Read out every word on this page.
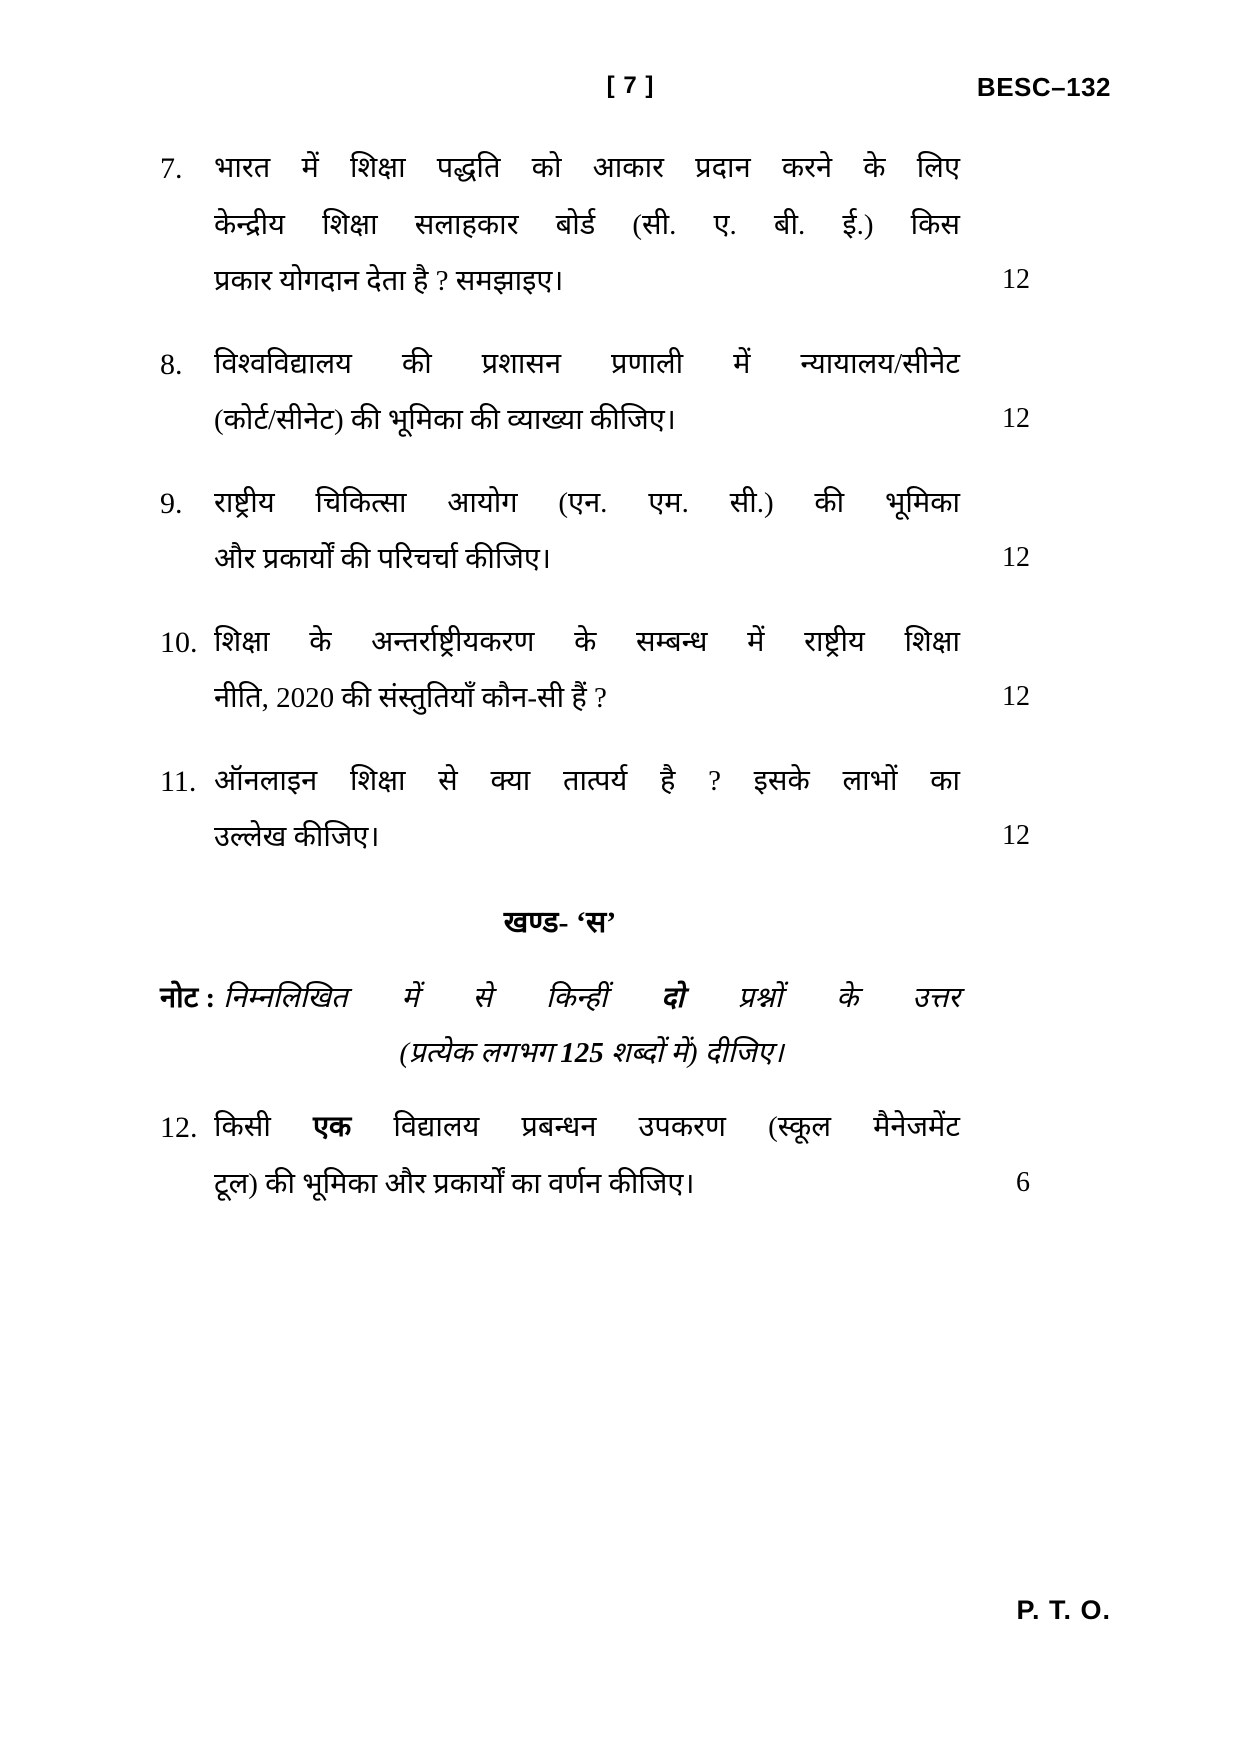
[ 7 ]	BESC–132
7.	भारत में शिक्षा पद्धति को आकार प्रदान करने के लिए
केन्द्रीय शिक्षा सलाहकार बोर्ड (सी. ए. बी. ई.) किस
प्रकार योगदान देता है ? समझाइए।	12
8.	विश्वविद्यालय की प्रशासन प्रणाली में न्यायालय/सीनेट
(कोर्ट/सीनेट) की भूमिका की व्याख्या कीजिए।	12
9.	राष्ट्रीय चिकित्सा आयोग (एन. एम. सी.) की भूमिका
और प्रकार्यों की परिचर्चा कीजिए।	12
10. शिक्षा के अन्तर्राष्ट्रीयकरण के सम्बन्ध में राष्ट्रीय शिक्षा
नीति, 2020 की संस्तुतियाँ कौन-सी हैं ?	12
11. ऑनलाइन शिक्षा से क्या तात्पर्य है ? इसके लाभों का
उल्लेख कीजिए।	12
खण्ड- ‘स’
नोट : निम्नलिखित में से किन्हीं दो प्रश्नों के उत्तर
(प्रत्येक लगभग 125 शब्दों में) दीजिए।
12. किसी एक विद्यालय प्रबन्धन उपकरण (स्कूल मैनेजमेंट
टूल) की भूमिका और प्रकार्यों का वर्णन कीजिए।	6
P. T. O.
